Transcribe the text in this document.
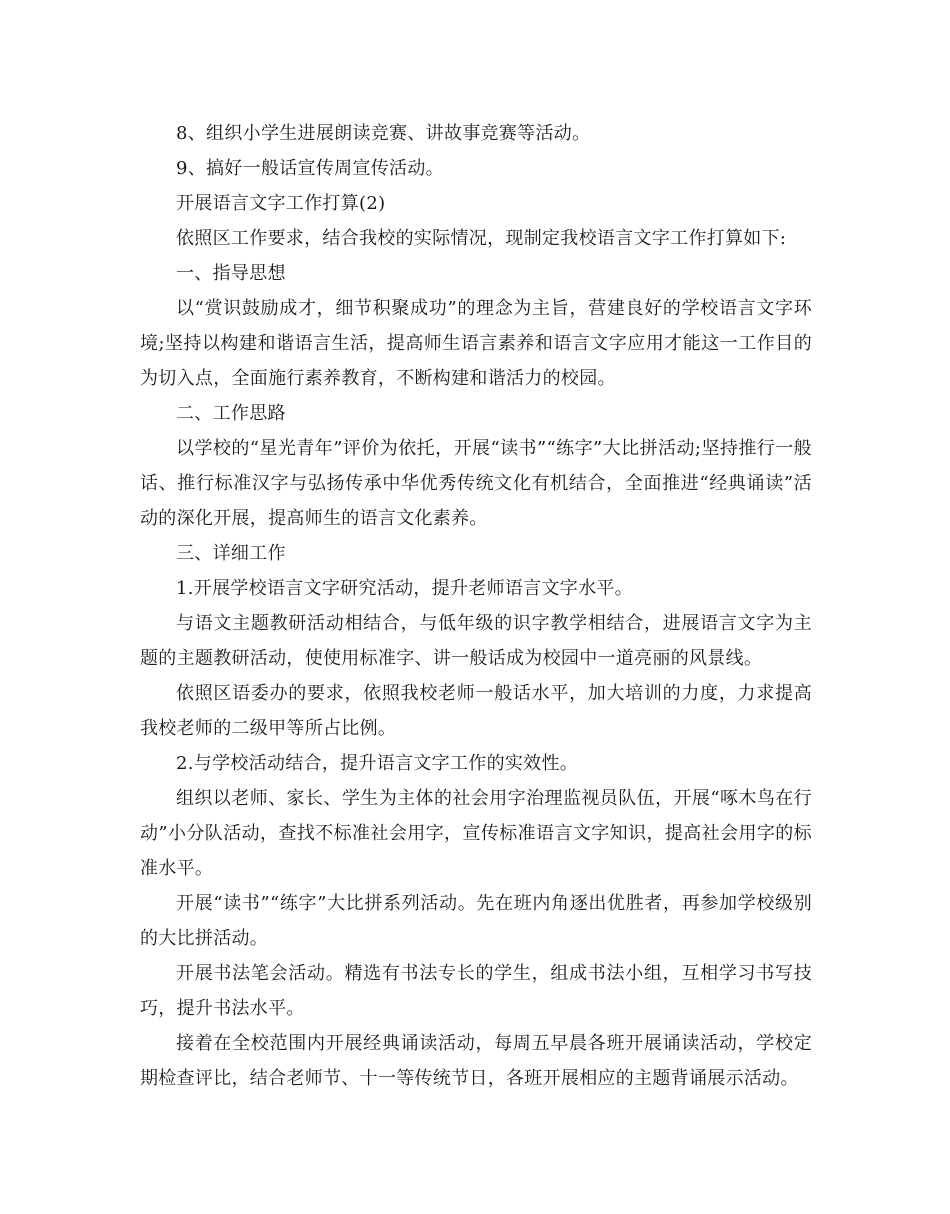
8、组织小学生进展朗读竞赛、讲故事竞赛等活动。

9、搞好一般话宣传周宣传活动。

开展语言文字工作打算(2)

依照区工作要求，结合我校的实际情况，现制定我校语言文字工作打算如下:

一、指导思想

以“赏识鼓励成才，细节积聚成功”的理念为主旨，营建良好的学校语言文字环境;坚持以构建和谐语言生活，提高师生语言素养和语言文字应用才能这一工作目的为切入点，全面施行素养教育，不断构建和谐活力的校园。

二、工作思路

以学校的“星光青年”评价为依托，开展“读书”“练字”大比拼活动;坚持推行一般话、推行标准汉字与弘扬传承中华优秀传统文化有机结合，全面推进“经典诵读”活动的深化开展，提高师生的语言文化素养。

三、详细工作

1.开展学校语言文字研究活动，提升老师语言文字水平。

与语文主题教研活动相结合，与低年级的识字教学相结合，进展语言文字为主题的主题教研活动，使使用标准字、讲一般话成为校园中一道亮丽的风景线。

依照区语委办的要求，依照我校老师一般话水平，加大培训的力度，力求提高我校老师的二级甲等所占比例。

2.与学校活动结合，提升语言文字工作的实效性。

组织以老师、家长、学生为主体的社会用字治理监视员队伍，开展“啄木鸟在行动”小分队活动，查找不标准社会用字，宣传标准语言文字知识，提高社会用字的标准水平。

开展“读书”“练字”大比拼系列活动。先在班内角逐出优胜者，再参加学校级别的大比拼活动。

开展书法笔会活动。精选有书法专长的学生，组成书法小组，互相学习书写技巧，提升书法水平。

接着在全校范围内开展经典诵读活动，每周五早晨各班开展诵读活动，学校定期检查评比，结合老师节、十一等传统节日，各班开展相应的主题背诵展示活动。
